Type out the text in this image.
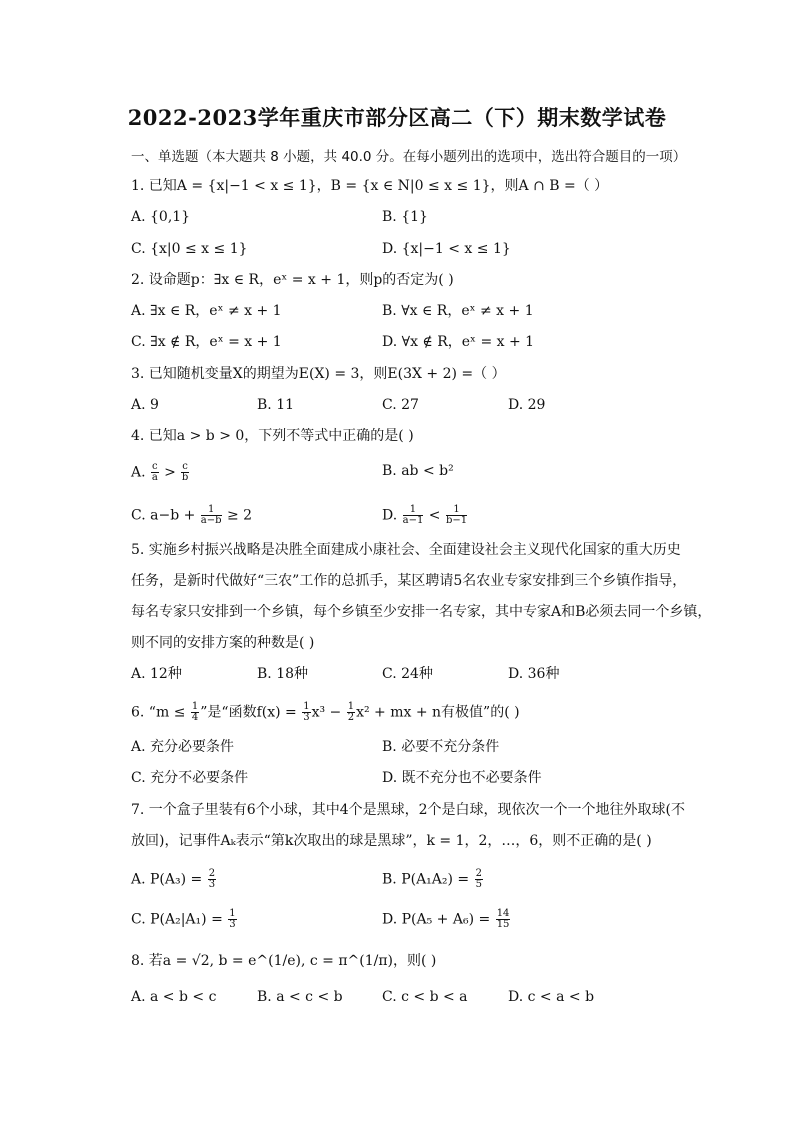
2022-2023学年重庆市部分区高二（下）期末数学试卷
一、单选题（本大题共 8 小题，共 40.0 分。在每小题列出的选项中，选出符合题目的一项）
1. 已知A = {x|−1 < x ≤ 1}，B = {x ∈ N|0 ≤ x ≤ 1}，则A ∩ B =（ ）
A. {0,1}	B. {1}
C. {x|0 ≤ x ≤ 1}	D. {x|−1 < x ≤ 1}
2. 设命题p：∃x ∈ R，eˣ = x + 1，则p的否定为( )
A. ∃x ∈ R，eˣ ≠ x + 1	B. ∀x ∈ R，eˣ ≠ x + 1
C. ∃x ∉ R，eˣ = x + 1	D. ∀x ∉ R，eˣ = x + 1
3. 已知随机变量X的期望为E(X) = 3，则E(3X + 2) =（ ）
A. 9	B. 11	C. 27	D. 29
4. 已知a > b > 0，下列不等式中正确的是( )
A. $\frac{c}{a} > \frac{c}{b}$	B. ab < b²
C. $a-b + \frac{1}{a-b} \ge 2$	D. $\frac{1}{a-1} < \frac{1}{b-1}$
5. 实施乡村振兴战略是决胜全面建成小康社会、全面建设社会主义现代化国家的重大历史
任务，是新时代做好“三农”工作的总抓手，某区聘请5名农业专家安排到三个乡镇作指导，
每名专家只安排到一个乡镇，每个乡镇至少安排一名专家，其中专家A和B必须去同一个乡镇，
则不同的安排方案的种数是( )
A. 12种	B. 18种	C. 24种	D. 36种
6. “$m \le \frac{1}{4}$ ”是“函数$f(x) = \frac{1}{3} x^3 - \frac{1}{2} x^2$ + mx + n有极值”的( )
A. 充分必要条件	B. 必要不充分条件
C. 充分不必要条件	D. 既不充分也不必要条件
7. 一个盒子里装有6个小球，其中4个是黑球，2个是白球，现依次一个一个地往外取球(不
放回)，记事件Aₖ表示“第k次取出的球是黑球”，k = 1，2，…，6，则不正确的是( )
A. $P(A_3) = \frac{2}{3}$	B. $P(A_1A_2) = \frac{2}{5}$
C. $P(A_2|A_1) = \frac{1}{3}$	D. $P(A_5 + A_6) = \frac{14}{15}$
8. 若a = √2, b = e^(1/e), c = π^(1/π)，则( )
A. a < b < c	B. a < c < b	C. c < b < a	D. c < a < b
